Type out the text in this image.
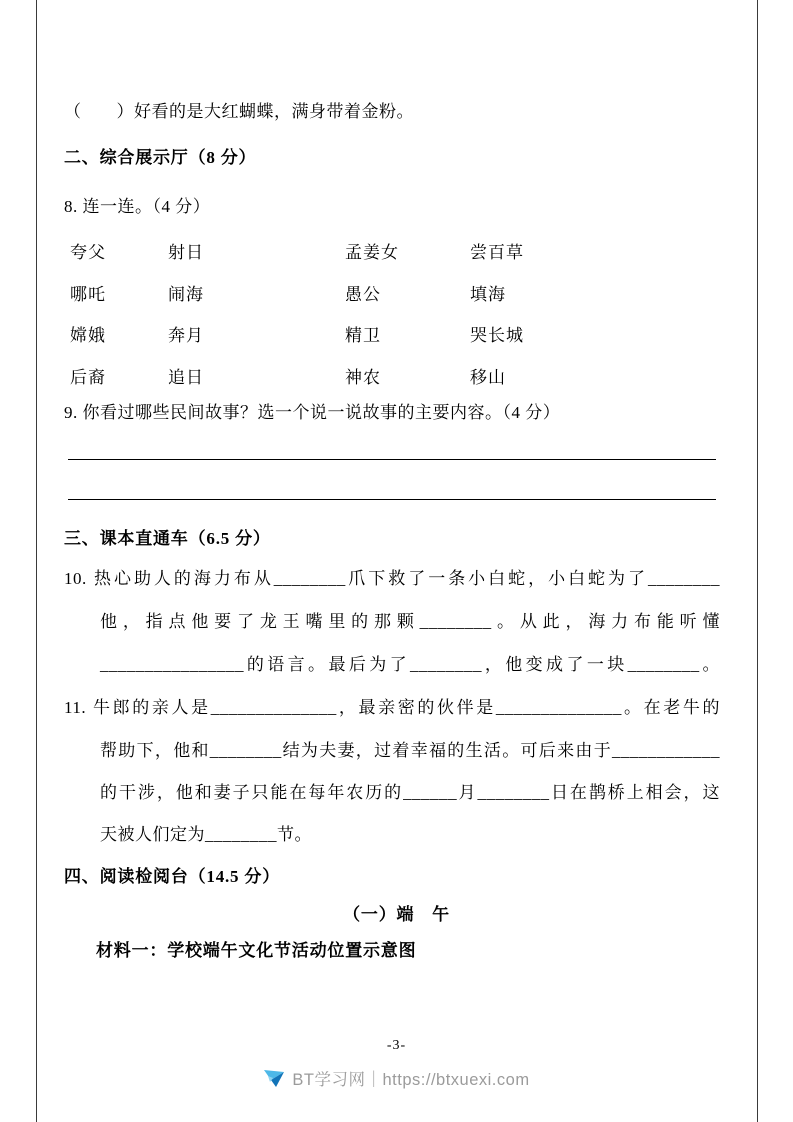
（　　）好看的是大红蝴蝶，满身带着金粉。
二、综合展示厅（8 分）
8. 连一连。（4 分）
夸父	射日	孟姜女	尝百草
哪吒	闹海	愚公	填海
嫦娥	奔月	精卫	哭长城
后裔	追日	神农	移山
9. 你看过哪些民间故事？选一个说一说故事的主要内容。（4 分）
三、课本直通车（6.5 分）
10. 热心助人的海力布从________爪下救了一条小白蛇，小白蛇为了________
他，指点他要了龙王嘴里的那颗________。从此，海力布能听懂
________________的语言。最后为了________，他变成了一块________。
11. 牛郎的亲人是______________，最亲密的伙伴是______________。在老牛的
帮助下，他和________结为夫妻，过着幸福的生活。可后来由于____________
的干涉，他和妻子只能在每年农历的______月________日在鹊桥上相会，这
天被人们定为________节。
四、阅读检阅台（14.5 分）
（一）端　午
材料一：学校端午文化节活动位置示意图
-3-
BT学习网｜https://btxuexi.com
